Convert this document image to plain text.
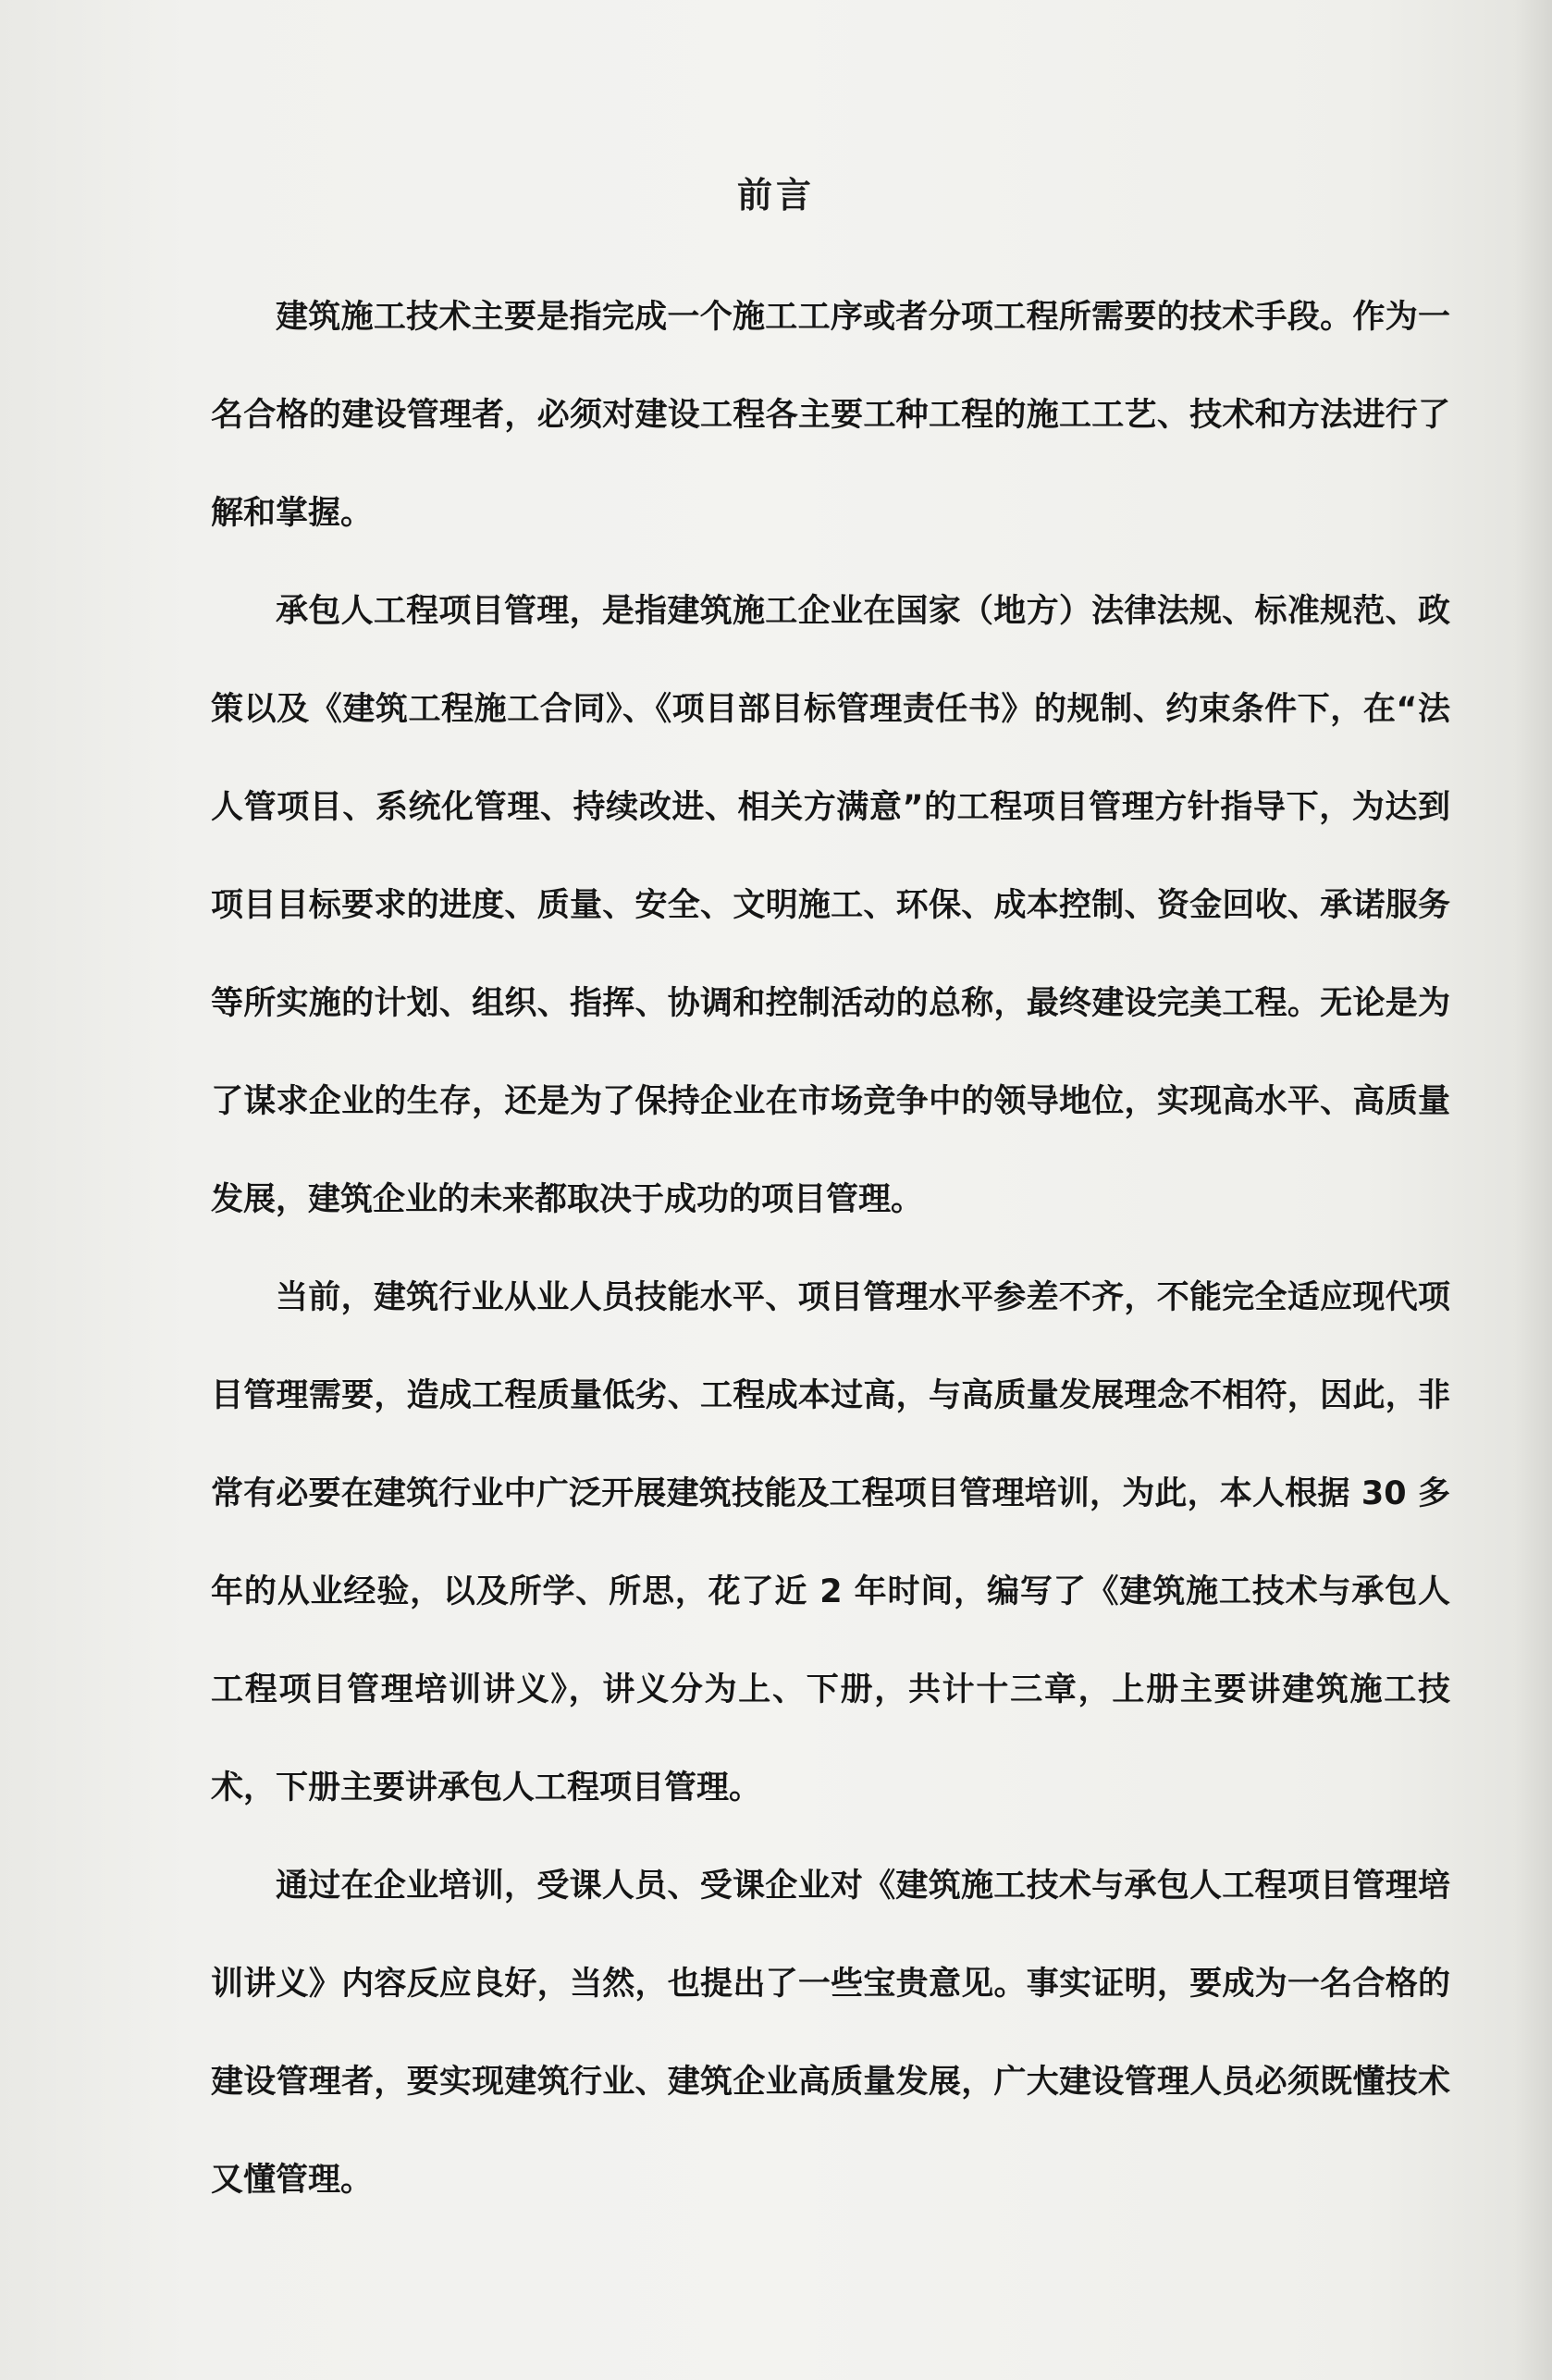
前言

建筑施工技术主要是指完成一个施工工序或者分项工程所需要的技术手段。作为一名合格的建设管理者，必须对建设工程各主要工种工程的施工工艺、技术和方法进行了解和掌握。

承包人工程项目管理，是指建筑施工企业在国家（地方）法律法规、标准规范、政策以及《建筑工程施工合同》、《项目部目标管理责任书》的规制、约束条件下，在“法人管项目、系统化管理、持续改进、相关方满意”的工程项目管理方针指导下，为达到项目目标要求的进度、质量、安全、文明施工、环保、成本控制、资金回收、承诺服务等所实施的计划、组织、指挥、协调和控制活动的总称，最终建设完美工程。无论是为了谋求企业的生存，还是为了保持企业在市场竞争中的领导地位，实现高水平、高质量发展，建筑企业的未来都取决于成功的项目管理。

当前，建筑行业从业人员技能水平、项目管理水平参差不齐，不能完全适应现代项目管理需要，造成工程质量低劣、工程成本过高，与高质量发展理念不相符，因此，非常有必要在建筑行业中广泛开展建筑技能及工程项目管理培训，为此，本人根据 30 多年的从业经验，以及所学、所思，花了近 2 年时间，编写了《建筑施工技术与承包人工程项目管理培训讲义》，讲义分为上、下册，共计十三章，上册主要讲建筑施工技术，下册主要讲承包人工程项目管理。

通过在企业培训，受课人员、受课企业对《建筑施工技术与承包人工程项目管理培训讲义》内容反应良好，当然，也提出了一些宝贵意见。事实证明，要成为一名合格的建设管理者，要实现建筑行业、建筑企业高质量发展，广大建设管理人员必须既懂技术又懂管理。
